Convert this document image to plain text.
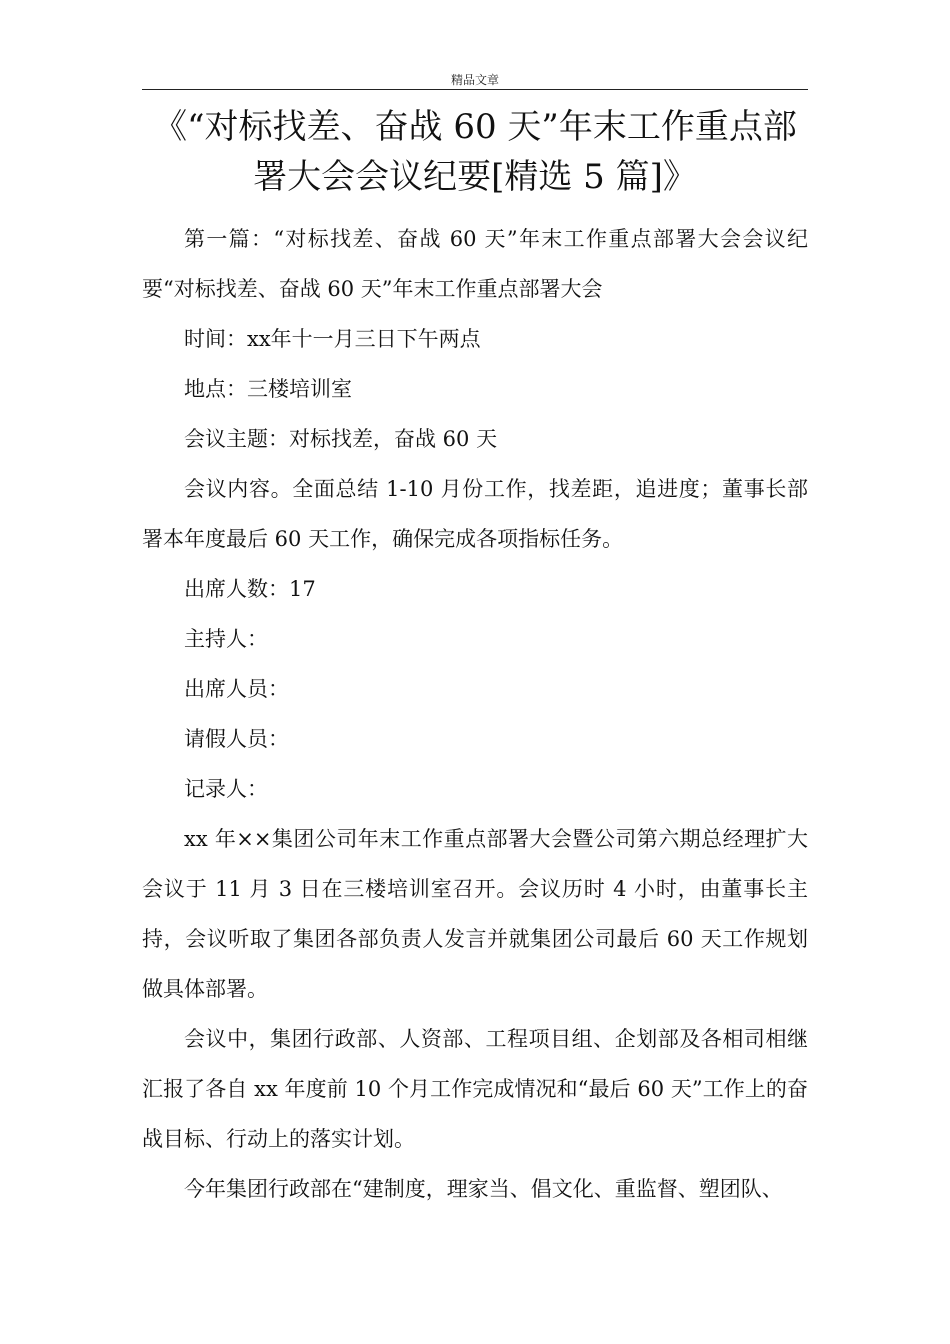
精品文章
《“对标找差、奋战 60 天”年末工作重点部署大会会议纪要[精选 5 篇]》

第一篇：“对标找差、奋战 60 天”年末工作重点部署大会会议纪要“对标找差、奋战 60 天”年末工作重点部署大会

时间：xx年十一月三日下午两点

地点：三楼培训室

会议主题：对标找差，奋战 60 天

会议内容。全面总结 1-10 月份工作，找差距，追进度；董事长部署本年度最后 60 天工作，确保完成各项指标任务。

出席人数：17

主持人：

出席人员：

请假人员：

记录人：

xx 年××集团公司年末工作重点部署大会暨公司第六期总经理扩大会议于 11 月 3 日在三楼培训室召开。会议历时 4 小时，由董事长主持，会议听取了集团各部负责人发言并就集团公司最后 60 天工作规划做具体部署。

会议中，集团行政部、人资部、工程项目组、企划部及各相司相继汇报了各自 xx 年度前 10 个月工作完成情况和“最后 60 天”工作上的奋战目标、行动上的落实计划。

今年集团行政部在“建制度，理家当、倡文化、重监督、塑团队、
